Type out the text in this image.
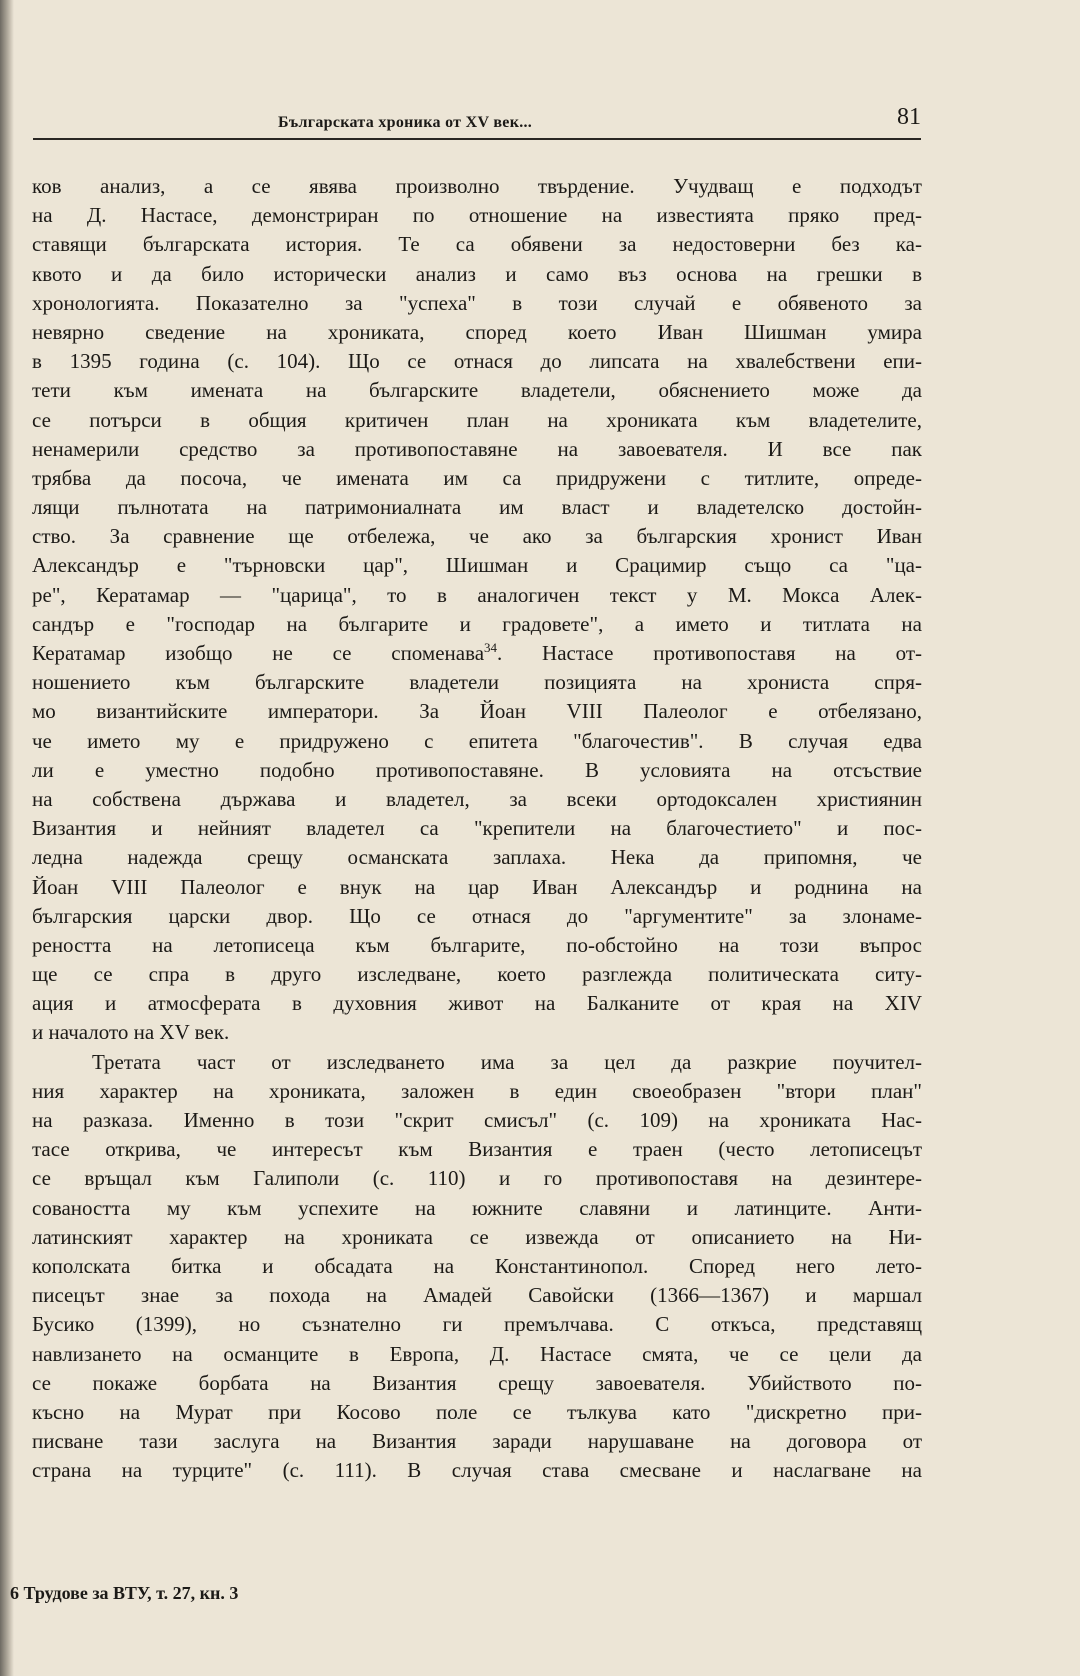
Българската хроника от XV век...	81
ков анализ, а се явява произволно твърдение. Учудващ е подходът
на Д. Настасе, демонстриран по отношение на известията пряко пред-
ставящи българската история. Те са обявени за недостоверни без ка-
квото и да било исторически анализ и само въз основа на грешки в
хронологията. Показателно за "успеха" в този случай е обявеното за
невярно сведение на хрониката, според което Иван Шишман умира
в 1395 година (с. 104). Що се отнася до липсата на хвалебствени епи-
тети към имената на българските владетели, обяснението може да
се потърси в общия критичен план на хрониката към владетелите,
ненамерили средство за противопоставяне на завоевателя. И все пак
трябва да посоча, че имената им са придружени с титлите, опреде-
лящи пълнотата на патримониалната им власт и владетелско достойн-
ство. За сравнение ще отбележа, че ако за българския хронист Иван
Александър е "търновски цар", Шишман и Срацимир също са "ца-
ре", Кератамар — "царица", то в аналогичен текст у М. Мокса Алек-
сандър е "господар на българите и градовете", а името и титлата на
Кератамар изобщо не се споменава$^{34}$. Настасе противопоставя на от-
ношението към българските владетели позицията на хрониста спря-
мо византийските императори. За Йоан VIII Палеолог е отбелязано,
че името му е придружено с епитета "благочестив". В случая едва
ли е уместно подобно противопоставяне. В условията на отсъствие
на собствена държава и владетел, за всеки ортодоксален християнин
Византия и нейният владетел са "крепители на благочестието" и пос-
ледна надежда срещу османската заплаха. Нека да припомня, че
Йоан VIII Палеолог е внук на цар Иван Александър и роднина на
българския царски двор. Що се отнася до "аргументите" за злонаме-
реността на летописеца към българите, по-обстойно на този въпрос
ще се спра в друго изследване, което разглежда политическата ситу-
ация и атмосферата в духовния живот на Балканите от края на XIV
и началото на XV век.
Третата част от изследването има за цел да разкрие поучител-
ния характер на хрониката, заложен в един своеобразен "втори план"
на разказа. Именно в този "скрит смисъл" (с. 109) на хрониката Нас-
тасе открива, че интересът към Византия е траен (често летописецът
се връщал към Галиполи (с. 110) и го противопоставя на дезинтере-
соваността му към успехите на южните славяни и латинците. Анти-
латинският характер на хрониката се извежда от описанието на Ни-
кополската битка и обсадата на Константинопол. Според него лето-
писецът знае за похода на Амадей Савойски (1366—1367) и маршал
Бусико (1399), но съзнателно ги премълчава. С откъса, представящ
навлизането на османците в Европа, Д. Настасе смята, че се цели да
се покаже борбата на Византия срещу завоевателя. Убийството по-
късно на Мурат при Косово поле се тълкува като "дискретно при-
писване тази заслуга на Византия заради нарушаване на договора от
страна на турците" (с. 111). В случая става смесване и наслагване на
6 Трудове за ВТУ, т. 27, кн. 3
